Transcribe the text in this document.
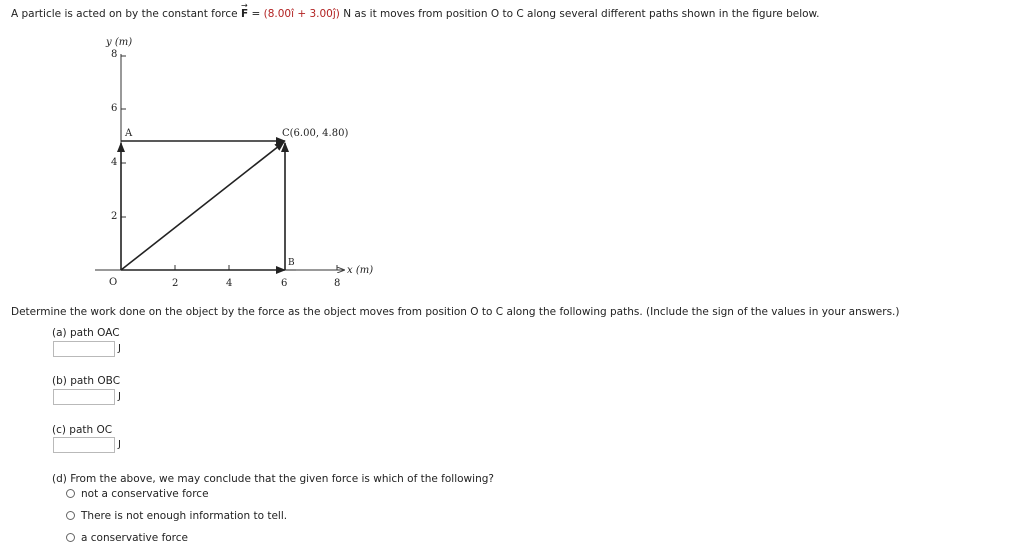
A particle is acted on by the constant force
→
F = (8.00î + 3.00ĵ) N as it moves from position O to C along several different paths shown in the figure below.
y (m)
x (m)
8
6
4
2
O	2	4	6	8
A
B
C(6.00, 4.80)
Determine the work done on the object by the force as the object moves from position O to C along the following paths. (Include the sign of the values in your answers.)
(a) path OAC
J
(b) path OBC
J
(c) path OC
J
(d) From the above, we may conclude that the given force is which of the following?
not a conservative force
There is not enough information to tell.
a conservative force
